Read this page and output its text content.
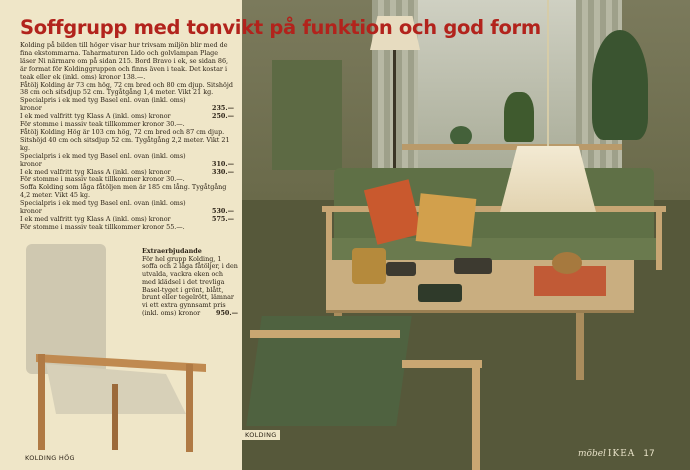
KOLDING
möbel IKEA 17
Soffgrupp med tonvikt på funktion och god form

Kolding på bilden till höger visar hur trivsam miljön blir med de fina ekstommarna. Taharmaturen Lido och golvlampan Plage läser Ni närmare om på sidan 215. Bord Bravo i ek, se sidan 86, är format för Koldinggruppen och finns även i teak. Det kostar i teak eller ek (inkl. oms) kronor 138.—.

Fåtölj Kolding är 73 cm hög, 72 cm bred och 80 cm djup. Sitshöjd 38 cm och sitsdjup 52 cm. Tygåtgång 1,4 meter. Vikt 21 kg.

Specialpris i ek med tyg Basel enl. ovan (inkl. oms)

kronor	235.—
I ek med valfritt tyg Klass A (inkl. oms) kronor	250.—

För stomme i massiv teak tillkommer kronor 30.—.

Fåtölj Kolding Hög är 103 cm hög, 72 cm bred och 87 cm djup. Sitshöjd 40 cm och sitsdjup 52 cm. Tygåtgång 2,2 meter. Vikt 21 kg.

Specialpris i ek med tyg Basel enl. ovan (inkl. oms)

kronor	310.—
I ek med valfritt tyg Klass A (inkl. oms) kronor	330.—

För stomme i massiv teak tillkommer kronor 30.—.

Soffa Kolding som låga fåtöljen men är 185 cm lång. Tygåtgång 4,2 meter. Vikt 45 kg.

Specialpris i ek med tyg Basel enl. ovan (inkl. oms)

kronor	530.—
I ek med valfritt tyg Klass A (inkl. oms) kronor	575.—

För stomme i massiv teak tillkommer kronor 55.—.

KOLDING HÖG
Extraerbjudande
För hel grupp Kolding, 1 soffa och 2 låga fåtöljer, i den utvalda, vackra eken och med klädsel i det trevliga Basel-tyget i grönt, blått, brunt eller tegelrött, lämnar vi ett extra gynnsamt pris
(inkl. oms) kronor 950.—
